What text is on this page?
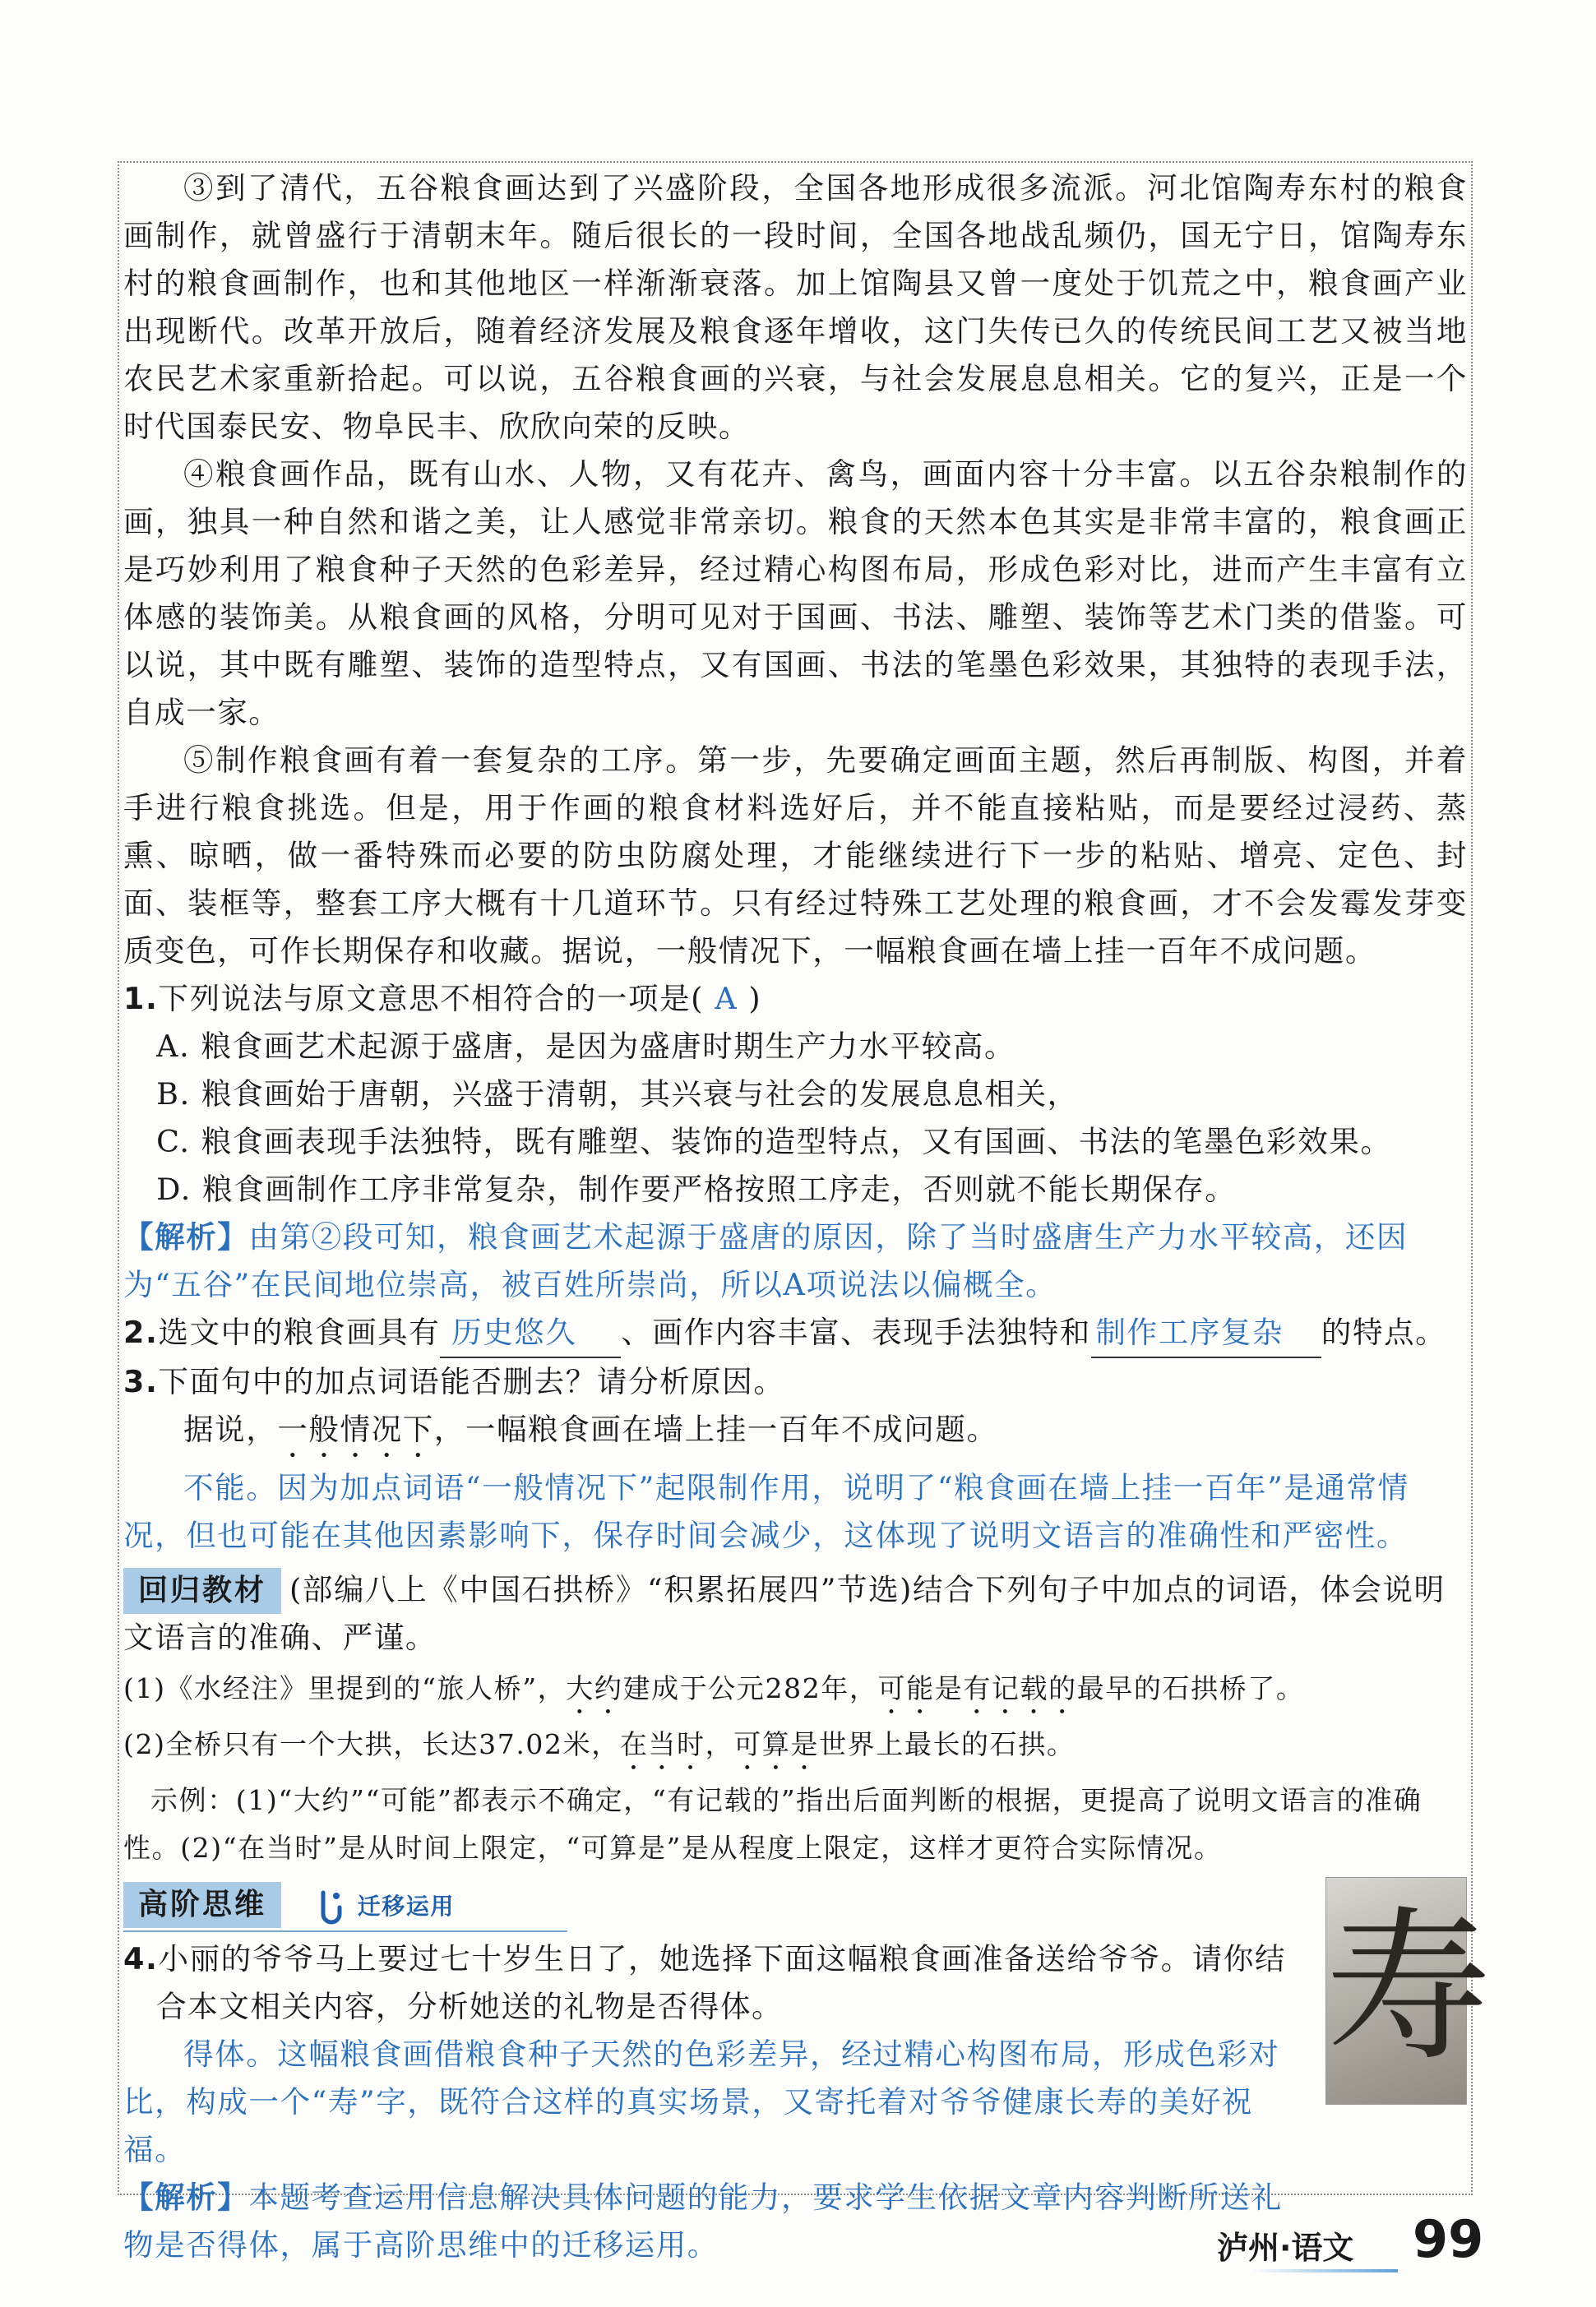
③到了清代，五谷粮食画达到了兴盛阶段，全国各地形成很多流派。河北馆陶寿东村的粮食画制作，就曾盛行于清朝末年。随后很长的一段时间，全国各地战乱频仍，国无宁日，馆陶寿东村的粮食画制作，也和其他地区一样渐渐衰落。加上馆陶县又曾一度处于饥荒之中，粮食画产业出现断代。改革开放后，随着经济发展及粮食逐年增收，这门失传已久的传统民间工艺又被当地农民艺术家重新拾起。可以说，五谷粮食画的兴衰，与社会发展息息相关。它的复兴，正是一个时代国泰民安、物阜民丰、欣欣向荣的反映。

④粮食画作品，既有山水、人物，又有花卉、禽鸟，画面内容十分丰富。以五谷杂粮制作的画，独具一种自然和谐之美，让人感觉非常亲切。粮食的天然本色其实是非常丰富的，粮食画正是巧妙利用了粮食种子天然的色彩差异，经过精心构图布局，形成色彩对比，进而产生丰富有立体感的装饰美。从粮食画的风格，分明可见对于国画、书法、雕塑、装饰等艺术门类的借鉴。可以说，其中既有雕塑、装饰的造型特点，又有国画、书法的笔墨色彩效果，其独特的表现手法，自成一家。

⑤制作粮食画有着一套复杂的工序。第一步，先要确定画面主题，然后再制版、构图，并着手进行粮食挑选。但是，用于作画的粮食材料选好后，并不能直接粘贴，而是要经过浸药、蒸熏、晾晒，做一番特殊而必要的防虫防腐处理，才能继续进行下一步的粘贴、增亮、定色、封面、装框等，整套工序大概有十几道环节。只有经过特殊工艺处理的粮食画，才不会发霉发芽变质变色，可作长期保存和收藏。据说，一般情况下，一幅粮食画在墙上挂一百年不成问题。

1.下列说法与原文意思不相符合的一项是( A )

A. 粮食画艺术起源于盛唐，是因为盛唐时期生产力水平较高。

B. 粮食画始于唐朝，兴盛于清朝，其兴衰与社会的发展息息相关，

C. 粮食画表现手法独特，既有雕塑、装饰的造型特点，又有国画、书法的笔墨色彩效果。

D. 粮食画制作工序非常复杂，制作要严格按照工序走，否则就不能长期保存。

【解析】由第②段可知，粮食画艺术起源于盛唐的原因，除了当时盛唐生产力水平较高，还因为“五谷”在民间地位崇高，被百姓所崇尚，所以A项说法以偏概全。

2.选文中的粮食画具有 历史悠久 、画作内容丰富、表现手法独特和 制作工序复杂 的特点。

3.下面句中的加点词语能否删去？请分析原因。

据说，一般情况下，一幅粮食画在墙上挂一百年不成问题。

不能。因为加点词语“一般情况下”起限制作用，说明了“粮食画在墙上挂一百年”是通常情况，但也可能在其他因素影响下，保存时间会减少，这体现了说明文语言的准确性和严密性。

回归教材 (部编八上《中国石拱桥》“积累拓展四”节选)结合下列句子中加点的词语，体会说明文语言的准确、严谨。

(1)《水经注》里提到的“旅人桥”，大约建成于公元282年，可能是有记载的最早的石拱桥了。

(2)全桥只有一个大拱，长达37.02米，在当时，可算是世界上最长的石拱。

示例：(1)“大约”“可能”都表示不确定，“有记载的”指出后面判断的根据，更提高了说明文语言的准确性。(2)“在当时”是从时间上限定，“可算是”是从程度上限定，这样才更符合实际情况。

高阶思维	迁移运用

4.小丽的爷爷马上要过七十岁生日了，她选择下面这幅粮食画准备送给爷爷。请你结合本文相关内容，分析她送的礼物是否得体。

得体。这幅粮食画借粮食种子天然的色彩差异，经过精心构图布局，形成色彩对比，构成一个“寿”字，既符合这样的真实场景，又寄托着对爷爷健康长寿的美好祝福。

【解析】本题考查运用信息解决具体问题的能力，要求学生依据文章内容判断所送礼物是否得体，属于高阶思维中的迁移运用。

寿
泸州·语文 99
